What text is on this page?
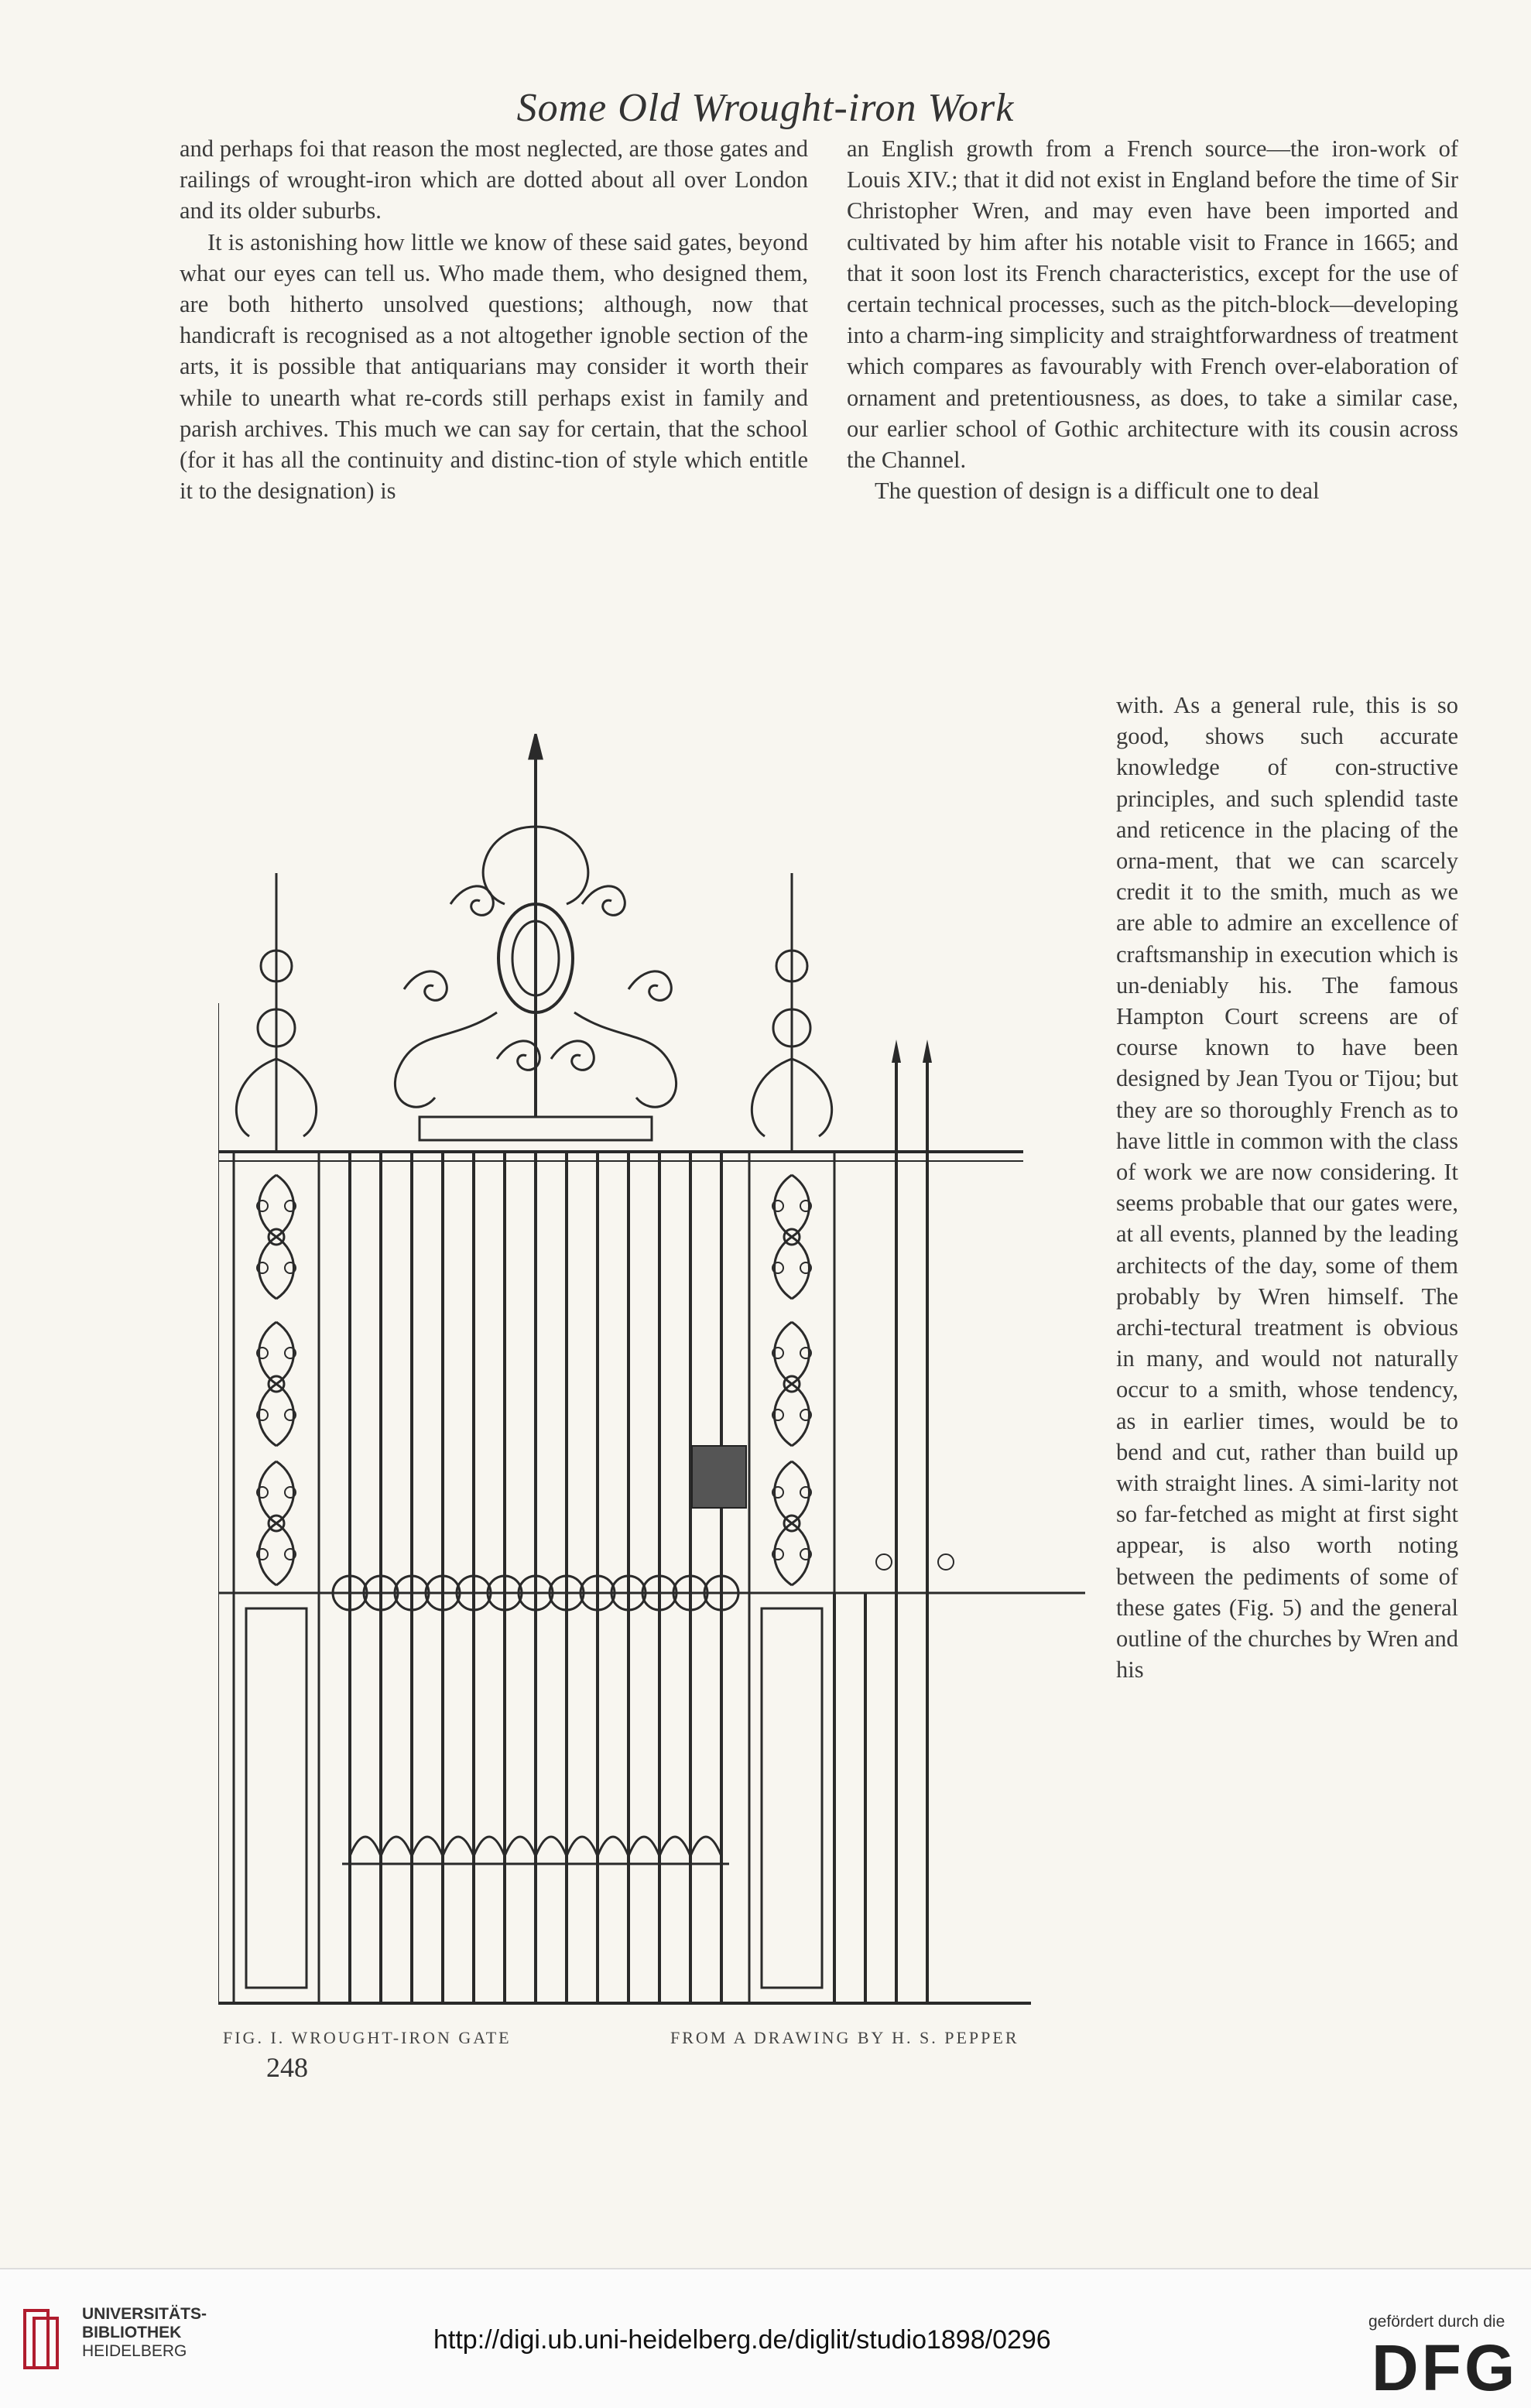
Some Old Wrought-iron Work

and perhaps foi that reason the most neglected, are those gates and railings of wrought-iron which are dotted about all over London and its older suburbs.

It is astonishing how little we know of these said gates, beyond what our eyes can tell us. Who made them, who designed them, are both hitherto unsolved questions; although, now that handicraft is recognised as a not altogether ignoble section of the arts, it is possible that antiquarians may consider it worth their while to unearth what re-cords still perhaps exist in family and parish archives. This much we can say for certain, that the school (for it has all the continuity and distinc-tion of style which entitle it to the designation) is

an English growth from a French source—the iron-work of Louis XIV.; that it did not exist in England before the time of Sir Christopher Wren, and may even have been imported and cultivated by him after his notable visit to France in 1665; and that it soon lost its French characteristics, except for the use of certain technical processes, such as the pitch-block—developing into a charm-ing simplicity and straightforwardness of treatment which compares as favourably with French over-elaboration of ornament and pretentiousness, as does, to take a similar case, our earlier school of Gothic architecture with its cousin across the Channel.

The question of design is a difficult one to deal

with. As a general rule, this is so good, shows such accurate knowledge of con-structive principles, and such splendid taste and reticence in the placing of the orna-ment, that we can scarcely credit it to the smith, much as we are able to admire an excellence of craftsmanship in execution which is un-deniably his. The famous Hampton Court screens are of course known to have been designed by Jean Tyou or Tijou; but they are so thoroughly French as to have little in common with the class of work we are now considering. It seems probable that our gates were, at all events, planned by the leading architects of the day, some of them probably by Wren himself. The archi-tectural treatment is obvious in many, and would not naturally occur to a smith, whose tendency, as in earlier times, would be to bend and cut, rather than build up with straight lines. A simi-larity not so far-fetched as might at first sight appear, is also worth noting between the pediments of some of these gates (Fig. 5) and the general outline of the churches by Wren and his

FIG. I. WROUGHT-IRON GATE	FROM A DRAWING BY H. S. PEPPER
248
UNIVERSITÄTS-
BIBLIOTHEK
HEIDELBERG	http://digi.ub.uni-heidelberg.de/diglit/studio1898/0296
gefördert durch die
DFG
